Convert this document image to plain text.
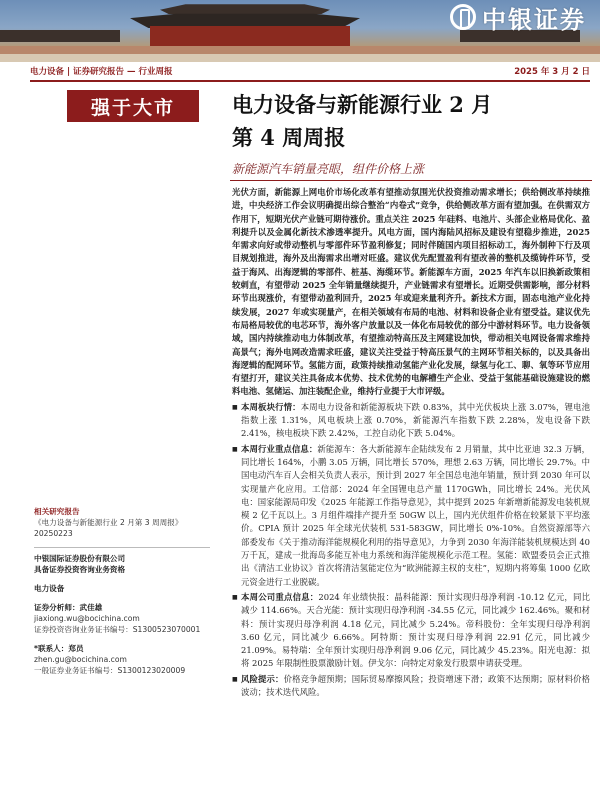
中银证券
电力设备 | 证券研究报告 — 行业周报	2025 年 3 月 2 日
强于大市	电力设备与新能源行业 2 月
第 4 周周报
新能源汽车销量亮眼，组件价格上涨

光伏方面，新能源上网电价市场化改革有望推动氛围光伏投资推动需求增长；供给侧改革持续推进，中央经济工作会议明确提出综合整治“内卷式”竞争，供给侧改革方面有望加强。在供需双方作用下，短期光伏产业链可期待涨价。重点关注 2025 年硅料、电池片、头部企业格局优化、盈利提升以及金属化新技术渗透率提升。风电方面，国内海陆风招标及建设有望稳步推进，2025 年需求向好或带动整机与零部件环节盈利修复；同时伴随国内项目招标动工，海外制种下行及项目规划推进，海外及出海需求出增对旺盛。建议优先配置盈利有望改善的整机及缆铸件环节，受益于海风、出海逻辑的零部件、桩基、海缆环节。新能源车方面，2025 年汽车以旧换新政策相较刺直，有望带动 2025 全年销量继续提升，产业链需求有望增长。近期受供需影响，部分材料环节出现涨价，有望带动盈利回升，2025 年或迎来量利齐升。新技术方面，固态电池产业化持续发展，2027 年或实现量产，在相关领域有布局的电池、材料和设备企业有望受益。建议优先布局格局较优的电芯环节，海外客户放量以及一体化布局较优的部分中游材料环节。电力设备领域，国内持续推动电力体制改革，有望推动特高压及主网建设加快，带动相关电网设备需求维持高景气；海外电网改造需求旺盛，建议关注受益于特高压景气的主网环节相关标的，以及具备出海逻辑的配网环节。氢能方面，政策持续推动氢能产业化发展，绿氢与化工、聊、氧等环节应用有望打开，建议关注具备成本优势、技术优势的电解槽生产企业、受益于氢能基础设施建设的燃料电池、氢储运、加注装配企业，维持行业提于大市评级。

■ 本周板块行情：本周电力设备和新能源板块下跌 0.83%，其中光伏板块上涨 3.07%，锂电池指数上涨 1.31%，风电板块上涨 0.70%，新能源汽车指数下跌 2.28%，发电设备下跌 2.41%，核电板块下跌 2.42%，工控自动化下跌 5.04%。

■ 本周行业重点信息：新能源车：各大新能源车企陆续发布 2 月销量，其中比亚迪 32.3 万辆，同比增长 164%，小鹏 3.05 万辆，同比增长 570%，理想 2.63 万辆，同比增长 29.7%。中国电动汽车百人会相关负责人表示，预计到 2027 年全国总电池年销量，预计到 2030 年可以实现量产化应用。工信部：2024 年全国锂电总产量 1170GWh，同比增长 24%。光伏风电：国家能源局印发《2025 年能源工作指导意见》，其中提到 2025 年新增新能源发电装机规模 2 亿千瓦以上。3 月组件端排产提升至 50GW 以上，国内光伏组件价格在较紧景下平均涨价。CPIA 预计 2025 年全球光伏装机 531-583GW，同比增长 0%-10%。自然资源部等六部委发布《关于推动海洋能规模化利用的指导意见》，力争到 2030 年海洋能装机规模达到 40 万千瓦，建成一批海岛多能互补电力系统和海洋能规模化示范工程。氢能：欧盟委员会正式推出《清洁工业协议》首次将清洁氢能定位为“欧洲能源主权的支柱”，短期内将筹集 1000 亿欧元资金进行工业脱碳。

■ 本周公司重点信息：2024 年业绩快报：晶科能源：预计实现归母净利润 -10.12 亿元，同比减少 114.66%。天合光能：预计实现归母净利润 -34.55 亿元，同比减少 162.46%。聚和材料：预计实现归母净利润 4.18 亿元，同比减少 5.24%。帝科股份：全年实现归母净利润 3.60 亿元，同比减少 6.66%。阿特斯：预计实现归母净利润 22.91 亿元，同比减少 21.09%。易特瑞：全年预计实现归母净利润 9.06 亿元，同比减少 45.23%。阳光电源：拟将 2025 年限制性股票激励计划。伊戈尔：向特定对象发行股票申请获受理。

■ 风险提示：价格竞争超预期；国际贸易摩擦风险；投资增速下滑；政策不达预期；原材料价格波动；技术迭代风险。

相关研究报告
《电力设备与新能源行业 2 月第 3 周周报》20250223
中银国际证券股份有限公司
具备证券投资咨询业务资格
电力设备
证券分析师：武佳雄
jiaxiong.wu@bocichina.com
证券投资咨询业务证书编号：S1300523070001
*联系人：郑员
zhen.gu@bocichina.com
一般证券业务证书编号：S1300123020009
